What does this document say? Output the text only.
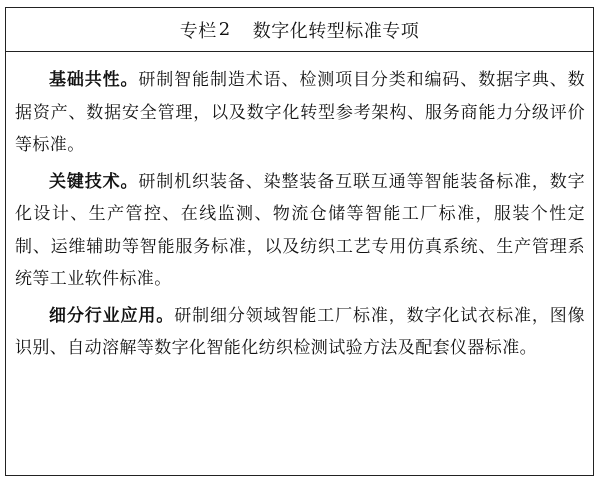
专栏 2 数字化转型标准专项

基础共性。研制智能制造术语、检测项目分类和编码、数据字典、数据资产、数据安全管理，以及数字化转型参考架构、服务商能力分级评价等标准。

关键技术。研制机织装备、染整装备互联互通等智能装备标准，数字化设计、生产管控、在线监测、物流仓储等智能工厂标准，服装个性定制、运维辅助等智能服务标准，以及纺织工艺专用仿真系统、生产管理系统等工业软件标准。

细分行业应用。研制细分领域智能工厂标准，数字化试衣标准，图像识别、自动溶解等数字化智能化纺织检测试验方法及配套仪器标准。
